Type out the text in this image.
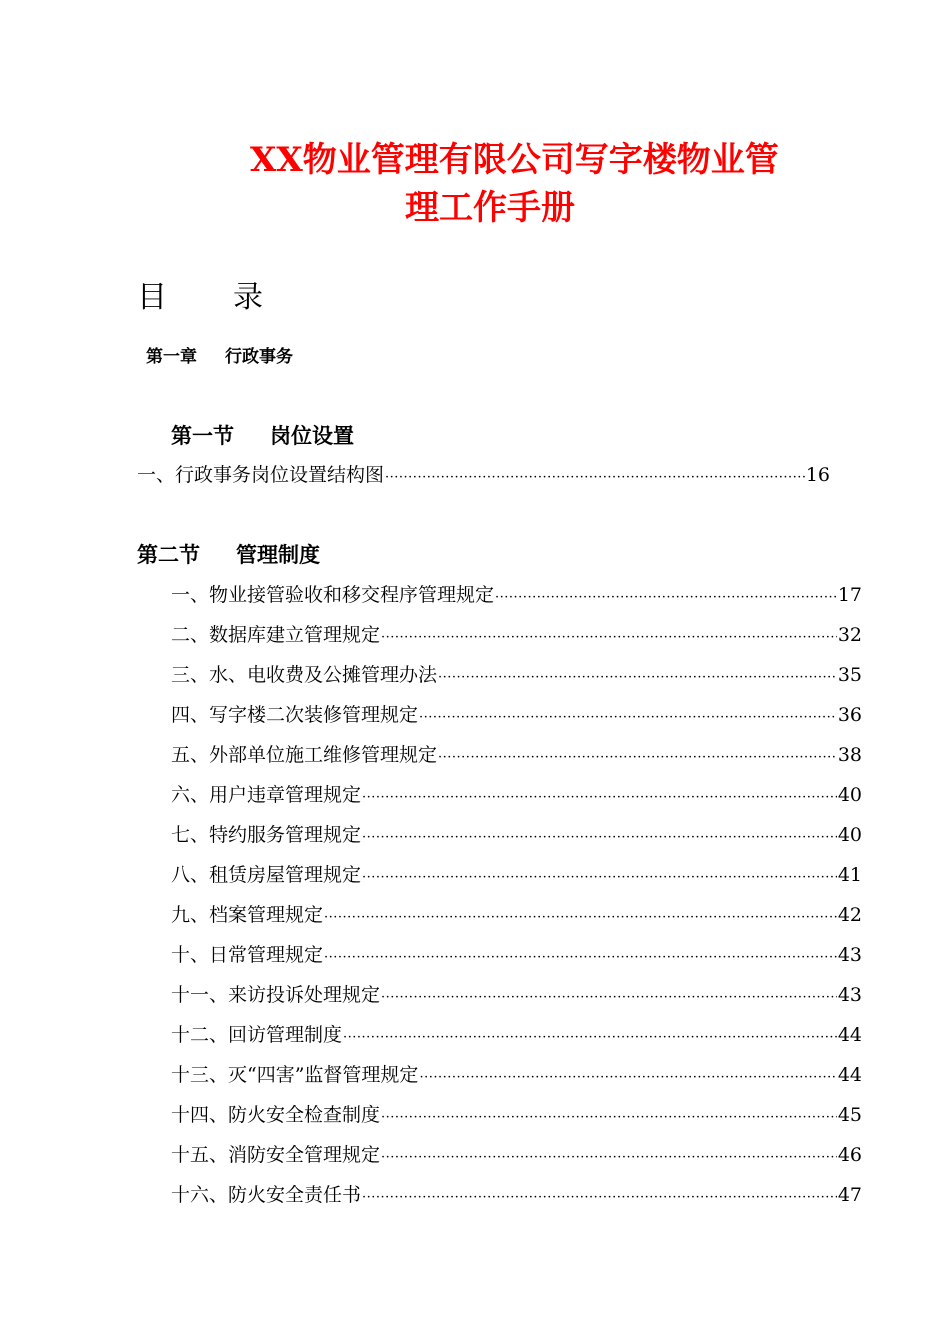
XX物业管理有限公司写字楼物业管
理工作手册
目 录
第一章 行政事务
第一节 岗位设置
一、行政事务岗位设置结构图 ·····	16
第二节 管理制度
一、物业接管验收和移交程序管理规定 ·····	17
二、数据库建立管理规定 ·····	32
三、水、电收费及公摊管理办法 ·····	35
四、写字楼二次装修管理规定 ·····	36
五、外部单位施工维修管理规定 ·····	38
六、用户违章管理规定 ·····	40
七、特约服务管理规定 ·····	40
八、租赁房屋管理规定 ·····	41
九、档案管理规定 ·····	42
十、日常管理规定 ·····	43
十一、来访投诉处理规定 ·····	43
十二、回访管理制度 ·····	44
十三、灭“四害”监督管理规定 ·····	44
十四、防火安全检查制度 ·····	45
十五、消防安全管理规定 ·····	46
十六、防火安全责任书 ·····	47
